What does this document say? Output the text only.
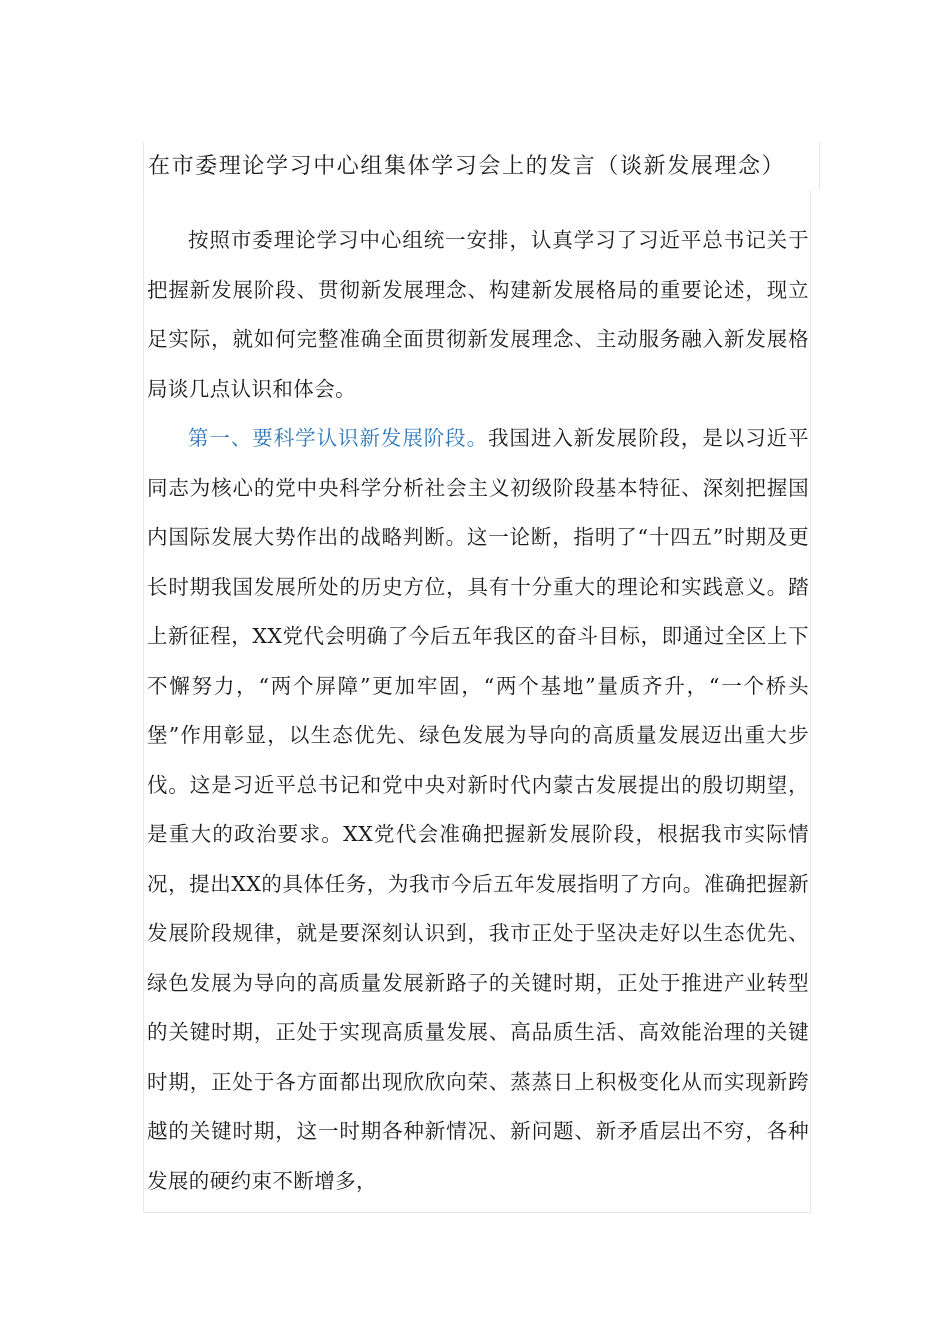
在市委理论学习中心组集体学习会上的发言（谈新发展理念）

按照市委理论学习中心组统一安排，认真学习了习近平总书记关于把握新发展阶段、贯彻新发展理念、构建新发展格局的重要论述，现立足实际，就如何完整准确全面贯彻新发展理念、主动服务融入新发展格局谈几点认识和体会。

第一、要科学认识新发展阶段。我国进入新发展阶段，是以习近平同志为核心的党中央科学分析社会主义初级阶段基本特征、深刻把握国内国际发展大势作出的战略判断。这一论断，指明了“十四五”时期及更长时期我国发展所处的历史方位，具有十分重大的理论和实践意义。踏上新征程，XX党代会明确了今后五年我区的奋斗目标，即通过全区上下不懈努力，“两个屏障”更加牢固，“两个基地”量质齐升，“一个桥头堡”作用彰显，以生态优先、绿色发展为导向的高质量发展迈出重大步伐。这是习近平总书记和党中央对新时代内蒙古发展提出的殷切期望，是重大的政治要求。XX党代会准确把握新发展阶段，根据我市实际情况，提出XX的具体任务，为我市今后五年发展指明了方向。准确把握新发展阶段规律，就是要深刻认识到，我市正处于坚决走好以生态优先、绿色发展为导向的高质量发展新路子的关键时期，正处于推进产业转型的关键时期，正处于实现高质量发展、高品质生活、高效能治理的关键时期，正处于各方面都出现欣欣向荣、蒸蒸日上积极变化从而实现新跨越的关键时期，这一时期各种新情况、新问题、新矛盾层出不穷，各种发展的硬约束不断增多，
